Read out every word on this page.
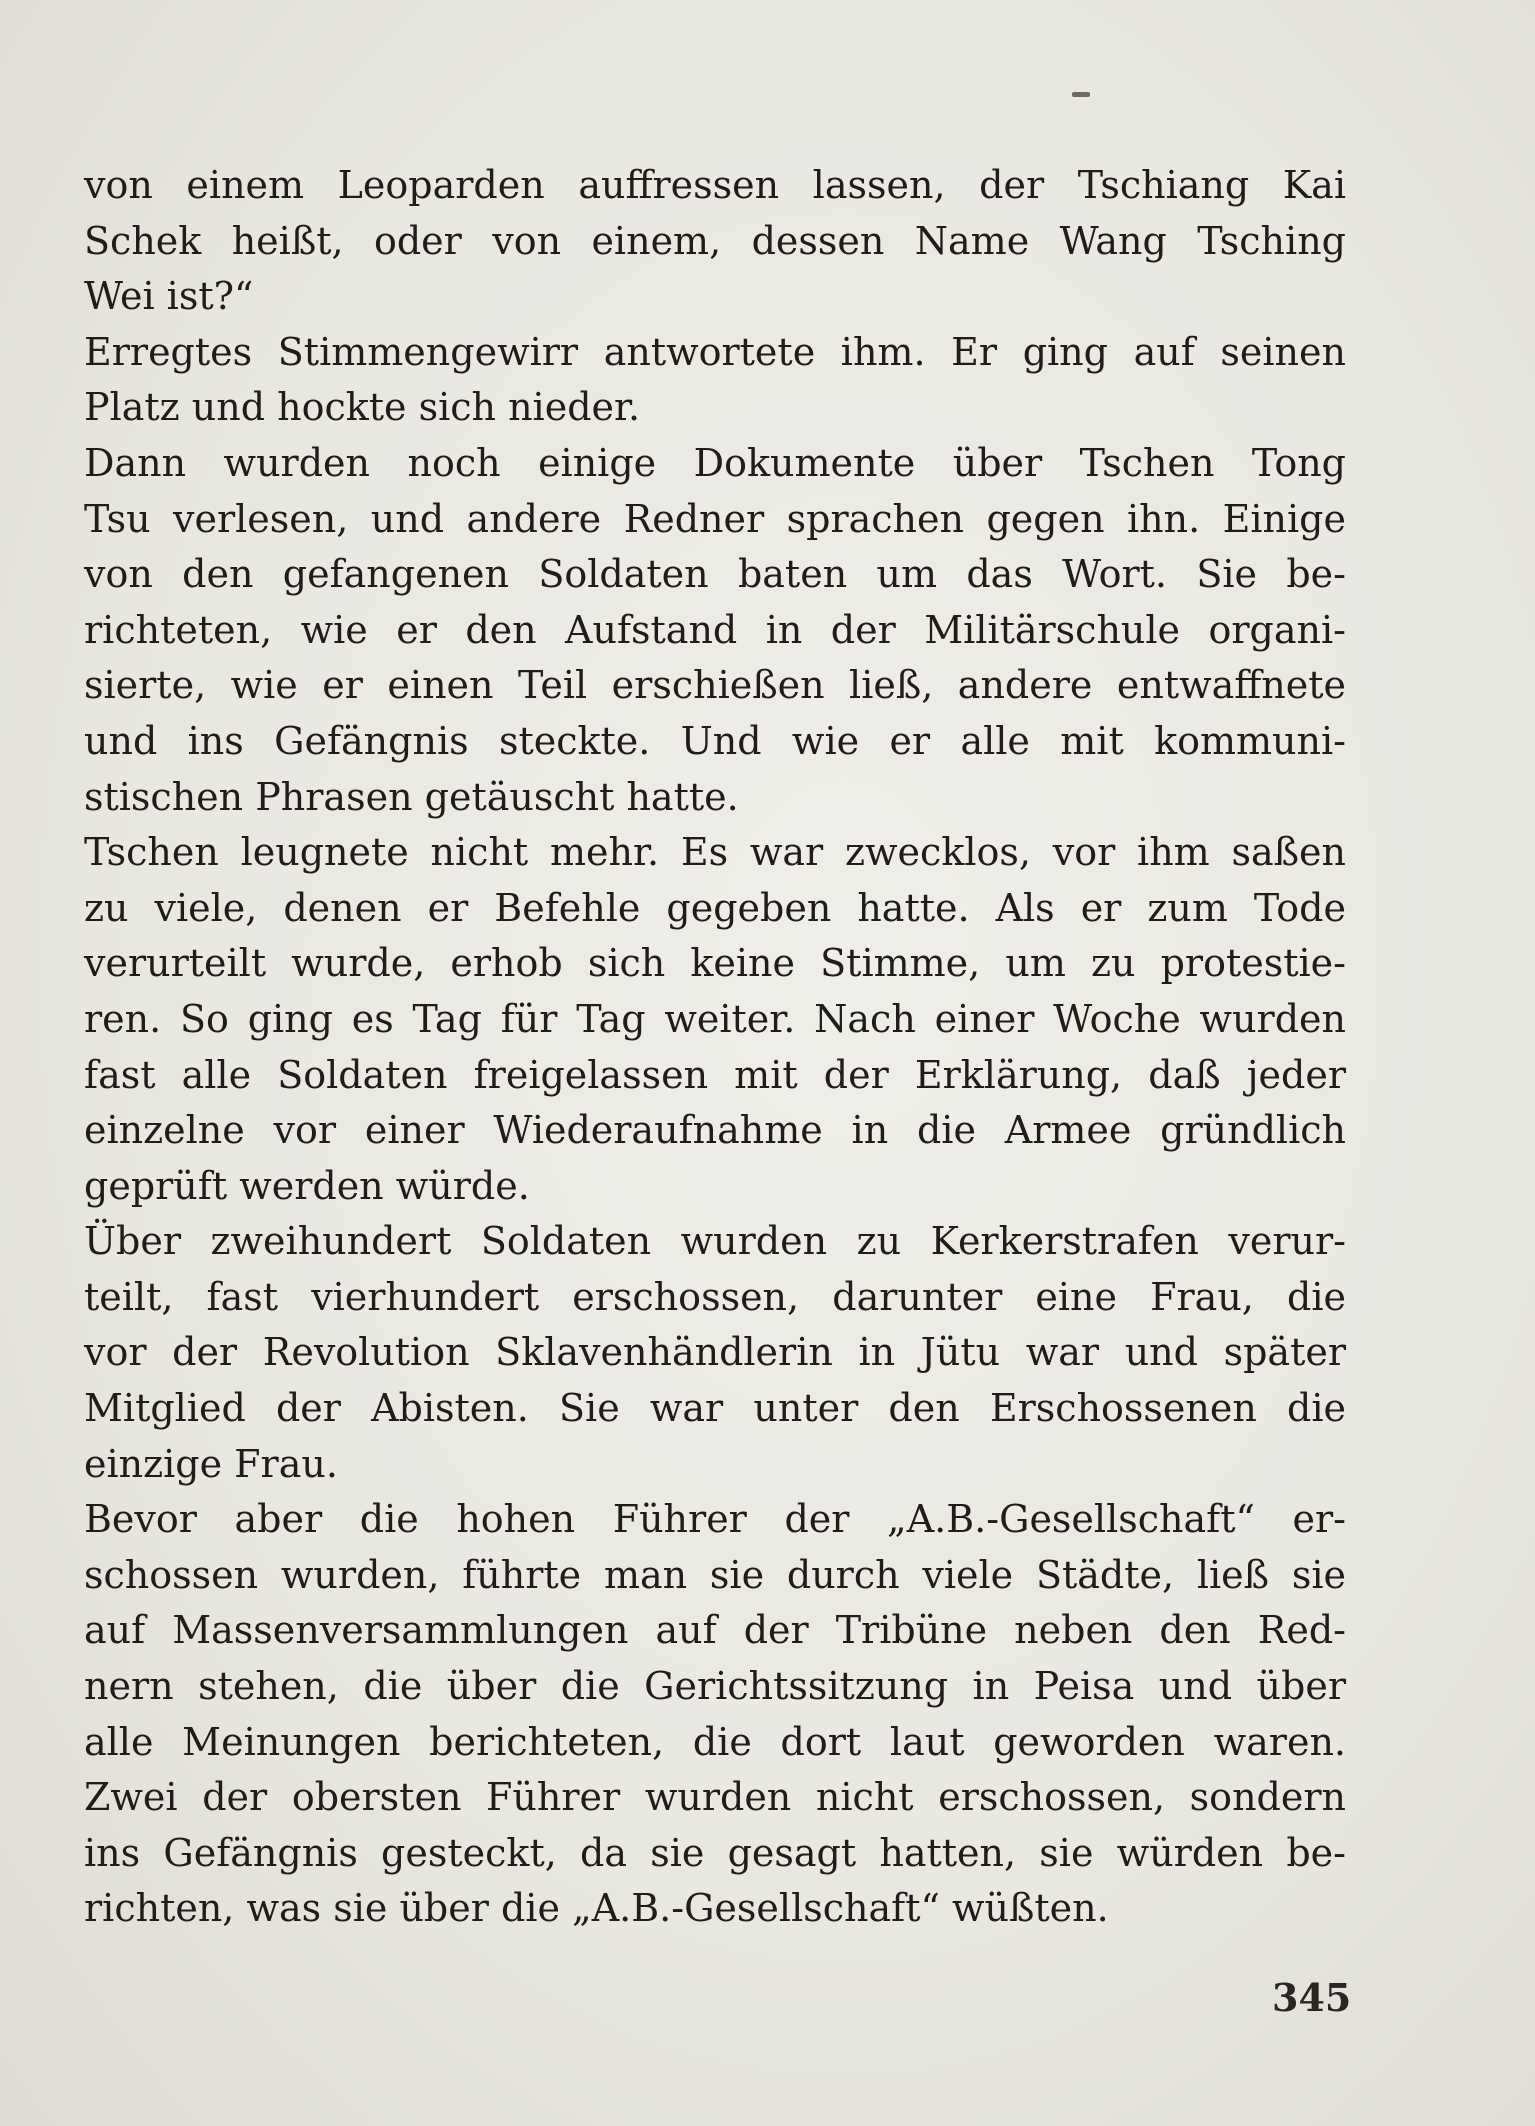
von einem Leoparden auffressen lassen, der Tschiang Kai
Schek heißt, oder von einem, dessen Name Wang Tsching
Wei ist?“
Erregtes Stimmengewirr antwortete ihm. Er ging auf seinen
Platz und hockte sich nieder.
Dann wurden noch einige Dokumente über Tschen Tong
Tsu verlesen, und andere Redner sprachen gegen ihn. Einige
von den gefangenen Soldaten baten um das Wort. Sie be-
richteten, wie er den Aufstand in der Militärschule organi-
sierte, wie er einen Teil erschießen ließ, andere entwaffnete
und ins Gefängnis steckte. Und wie er alle mit kommuni-
stischen Phrasen getäuscht hatte.
Tschen leugnete nicht mehr. Es war zwecklos, vor ihm saßen
zu viele, denen er Befehle gegeben hatte. Als er zum Tode
verurteilt wurde, erhob sich keine Stimme, um zu protestie-
ren. So ging es Tag für Tag weiter. Nach einer Woche wurden
fast alle Soldaten freigelassen mit der Erklärung, daß jeder
einzelne vor einer Wiederaufnahme in die Armee gründlich
geprüft werden würde.
Über zweihundert Soldaten wurden zu Kerkerstrafen verur-
teilt, fast vierhundert erschossen, darunter eine Frau, die
vor der Revolution Sklavenhändlerin in Jütu war und später
Mitglied der Abisten. Sie war unter den Erschossenen die
einzige Frau.
Bevor aber die hohen Führer der „A.B.-Gesellschaft“ er-
schossen wurden, führte man sie durch viele Städte, ließ sie
auf Massenversammlungen auf der Tribüne neben den Red-
nern stehen, die über die Gerichtssitzung in Peisa und über
alle Meinungen berichteten, die dort laut geworden waren.
Zwei der obersten Führer wurden nicht erschossen, sondern
ins Gefängnis gesteckt, da sie gesagt hatten, sie würden be-
richten, was sie über die „A.B.-Gesellschaft“ wüßten.
345
